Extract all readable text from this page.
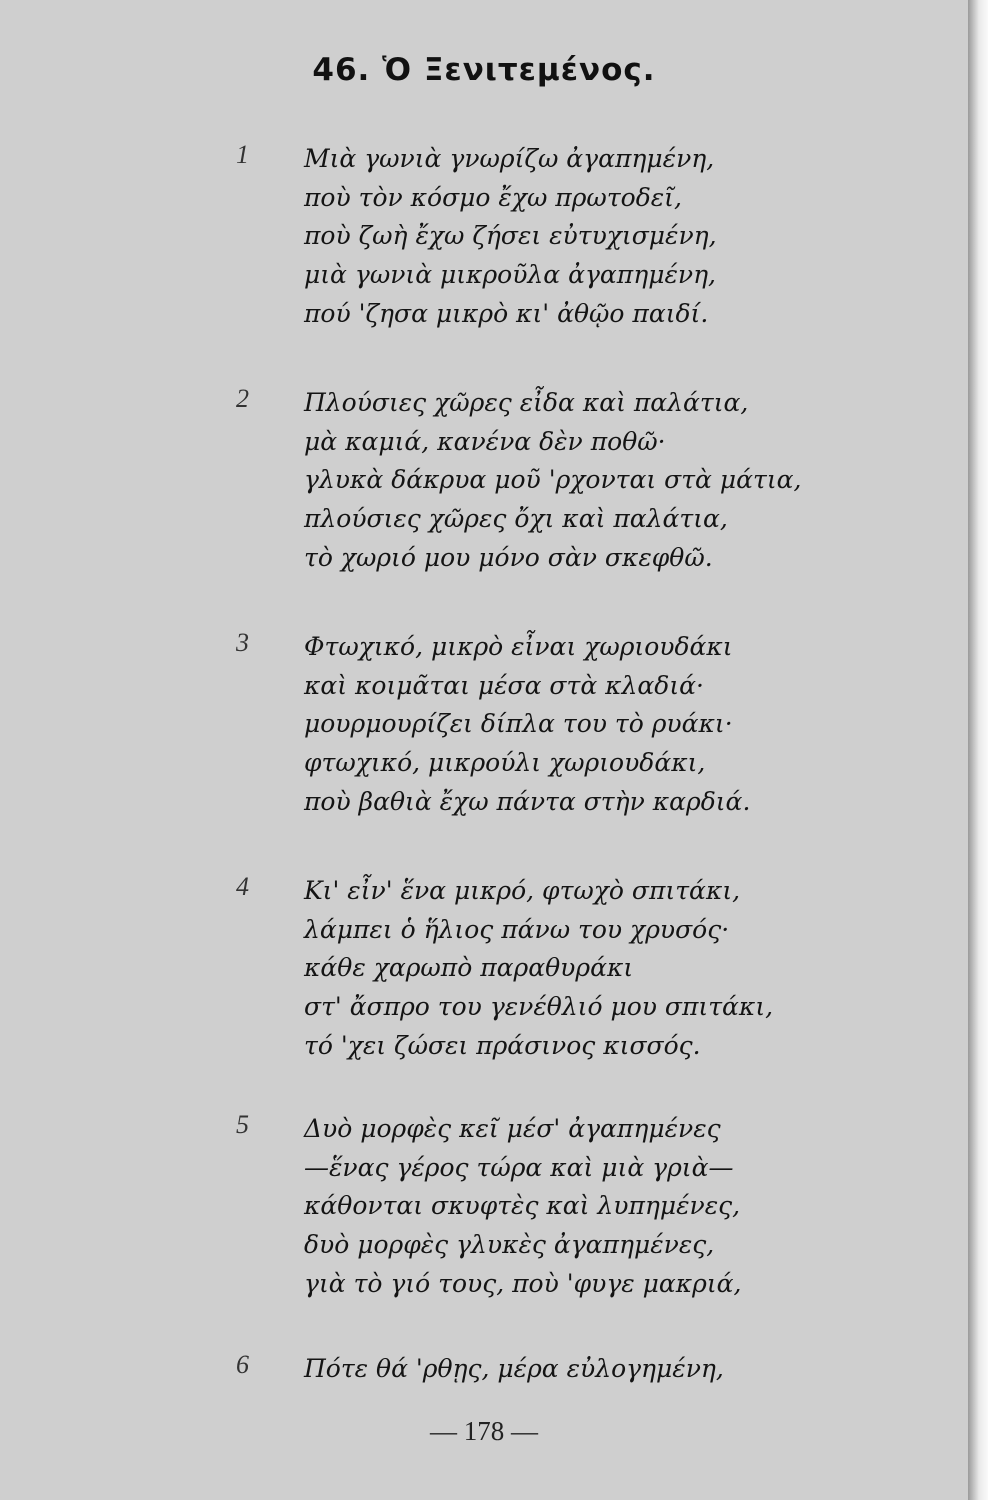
46. Ὁ Ξενιτεμένος.
1 Μιὰ γωνιὰ γνωρίζω ἀγαπημένη,
ποὺ τὸν κόσμο ἔχω πρωτοδεῖ,
ποὺ ζωὴ ἔχω ζήσει εὐτυχισμένη,
μιὰ γωνιὰ μικροῦλα ἀγαπημένη,
πού 'ζησα μικρὸ κι' ἀθῷο παιδί.
2 Πλούσιες χῶρες εἶδα καὶ παλάτια,
μὰ καμιά, κανένα δὲν ποθῶ·
γλυκὰ δάκρυα μοῦ 'ρχονται στὰ μάτια,
πλούσιες χῶρες ὄχι καὶ παλάτια,
τὸ χωριό μου μόνο σὰν σκεφθῶ.
3 Φτωχικό, μικρὸ εἶναι χωριουδάκι
καὶ κοιμᾶται μέσα στὰ κλαδιά·
μουρμουρίζει δίπλα του τὸ ρυάκι·
φτωχικό, μικρούλι χωριουδάκι,
ποὺ βαθιὰ ἔχω πάντα στὴν καρδιά.
4 Κι' εἶν' ἕνα μικρό, φτωχὸ σπιτάκι,
λάμπει ὁ ἥλιος πάνω του χρυσός·
κάθε χαρωπὸ παραθυράκι
στ' ἄσπρο του γενέθλιό μου σπιτάκι,
τό 'χει ζώσει πράσινος κισσός.
5 Δυὸ μορφὲς κεῖ μέσ' ἀγαπημένες
—ἕνας γέρος τώρα καὶ μιὰ γριὰ—
κάθονται σκυφτὲς καὶ λυπημένες,
δυὸ μορφὲς γλυκὲς ἀγαπημένες,
γιὰ τὸ γιό τους, ποὺ 'φυγε μακριά,
6 Πότε θά 'ρθῃς, μέρα εὐλογημένη,
— 178 —
